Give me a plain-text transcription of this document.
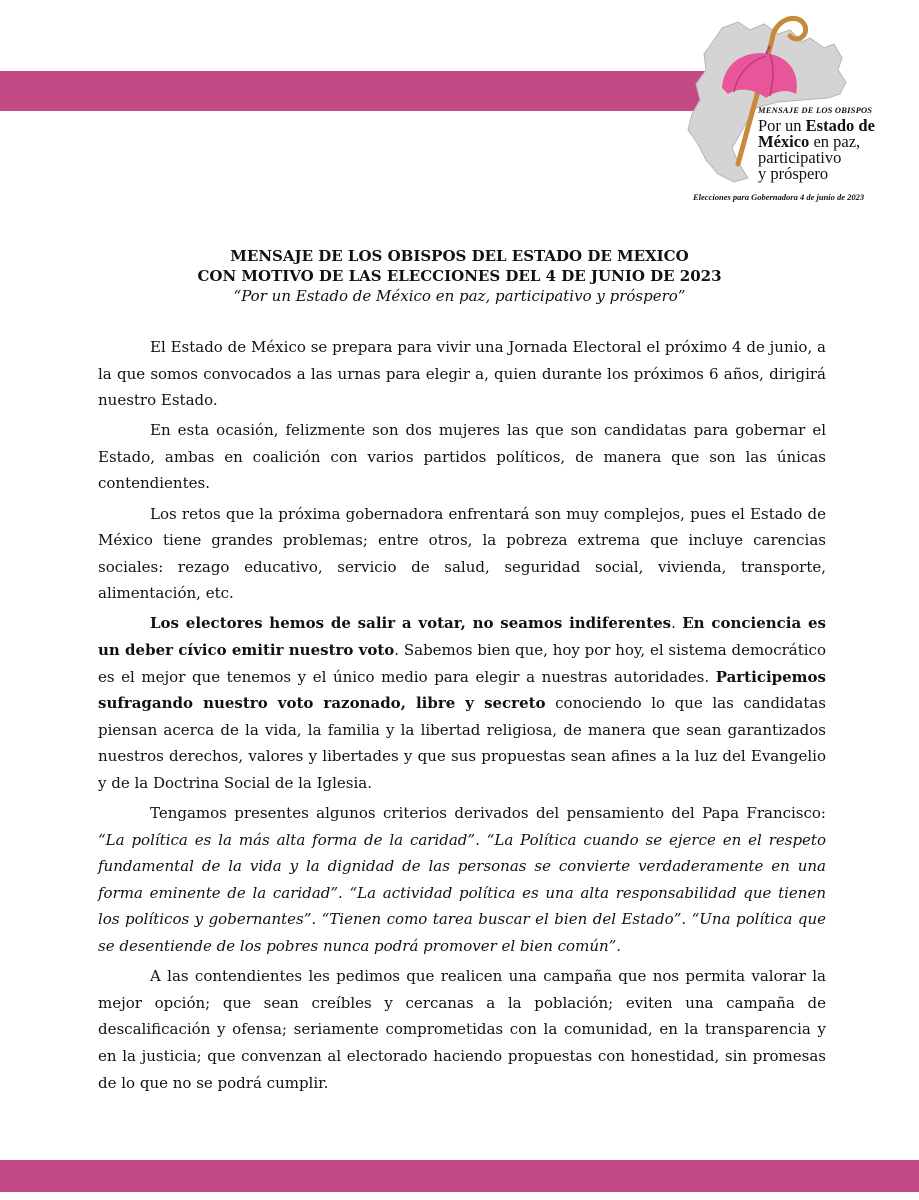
MENSAJE DE LOS OBISPOS
Por un Estado de
México en paz,
participativo
y próspero
Elecciones para Gobernadora 4 de junio de 2023
MENSAJE DE LOS OBISPOS DEL ESTADO DE MEXICO
CON MOTIVO DE LAS ELECCIONES DEL 4 DE JUNIO DE 2023
“Por un Estado de México en paz, participativo y próspero”

El Estado de México se prepara para vivir una Jornada Electoral el próximo 4 de junio, a la que somos convocados a las urnas para elegir a, quien durante los próximos 6 años, dirigirá nuestro Estado.

En esta ocasión, felizmente son dos mujeres las que son candidatas para gobernar el Estado, ambas en coalición con varios partidos políticos, de manera que son las únicas contendientes.

Los retos que la próxima gobernadora enfrentará son muy complejos, pues el Estado de México tiene grandes problemas; entre otros, la pobreza extrema que incluye carencias sociales: rezago educativo, servicio de salud, seguridad social, vivienda, transporte, alimentación, etc.

Los electores hemos de salir a votar, no seamos indiferentes. En conciencia es un deber cívico emitir nuestro voto. Sabemos bien que, hoy por hoy, el sistema democrático es el mejor que tenemos y el único medio para elegir a nuestras autoridades. Participemos sufragando nuestro voto razonado, libre y secreto conociendo lo que las candidatas piensan acerca de la vida, la familia y la libertad religiosa, de manera que sean garantizados nuestros derechos, valores y libertades y que sus propuestas sean afines a la luz del Evangelio y de la Doctrina Social de la Iglesia.

Tengamos presentes algunos criterios derivados del pensamiento del Papa Francisco: “La política es la más alta forma de la caridad”. “La Política cuando se ejerce en el respeto fundamental de la vida y la dignidad de las personas se convierte verdaderamente en una forma eminente de la caridad”. “La actividad política es una alta responsabilidad que tienen los políticos y gobernantes”. “Tienen como tarea buscar el bien del Estado”. “Una política que se desentiende de los pobres nunca podrá promover el bien común”.

A las contendientes les pedimos que realicen una campaña que nos permita valorar la mejor opción; que sean creíbles y cercanas a la población; eviten una campaña de descalificación y ofensa; seriamente comprometidas con la comunidad, en la transparencia y en la justicia; que convenzan al electorado haciendo propuestas con honestidad, sin promesas de lo que no se podrá cumplir.
